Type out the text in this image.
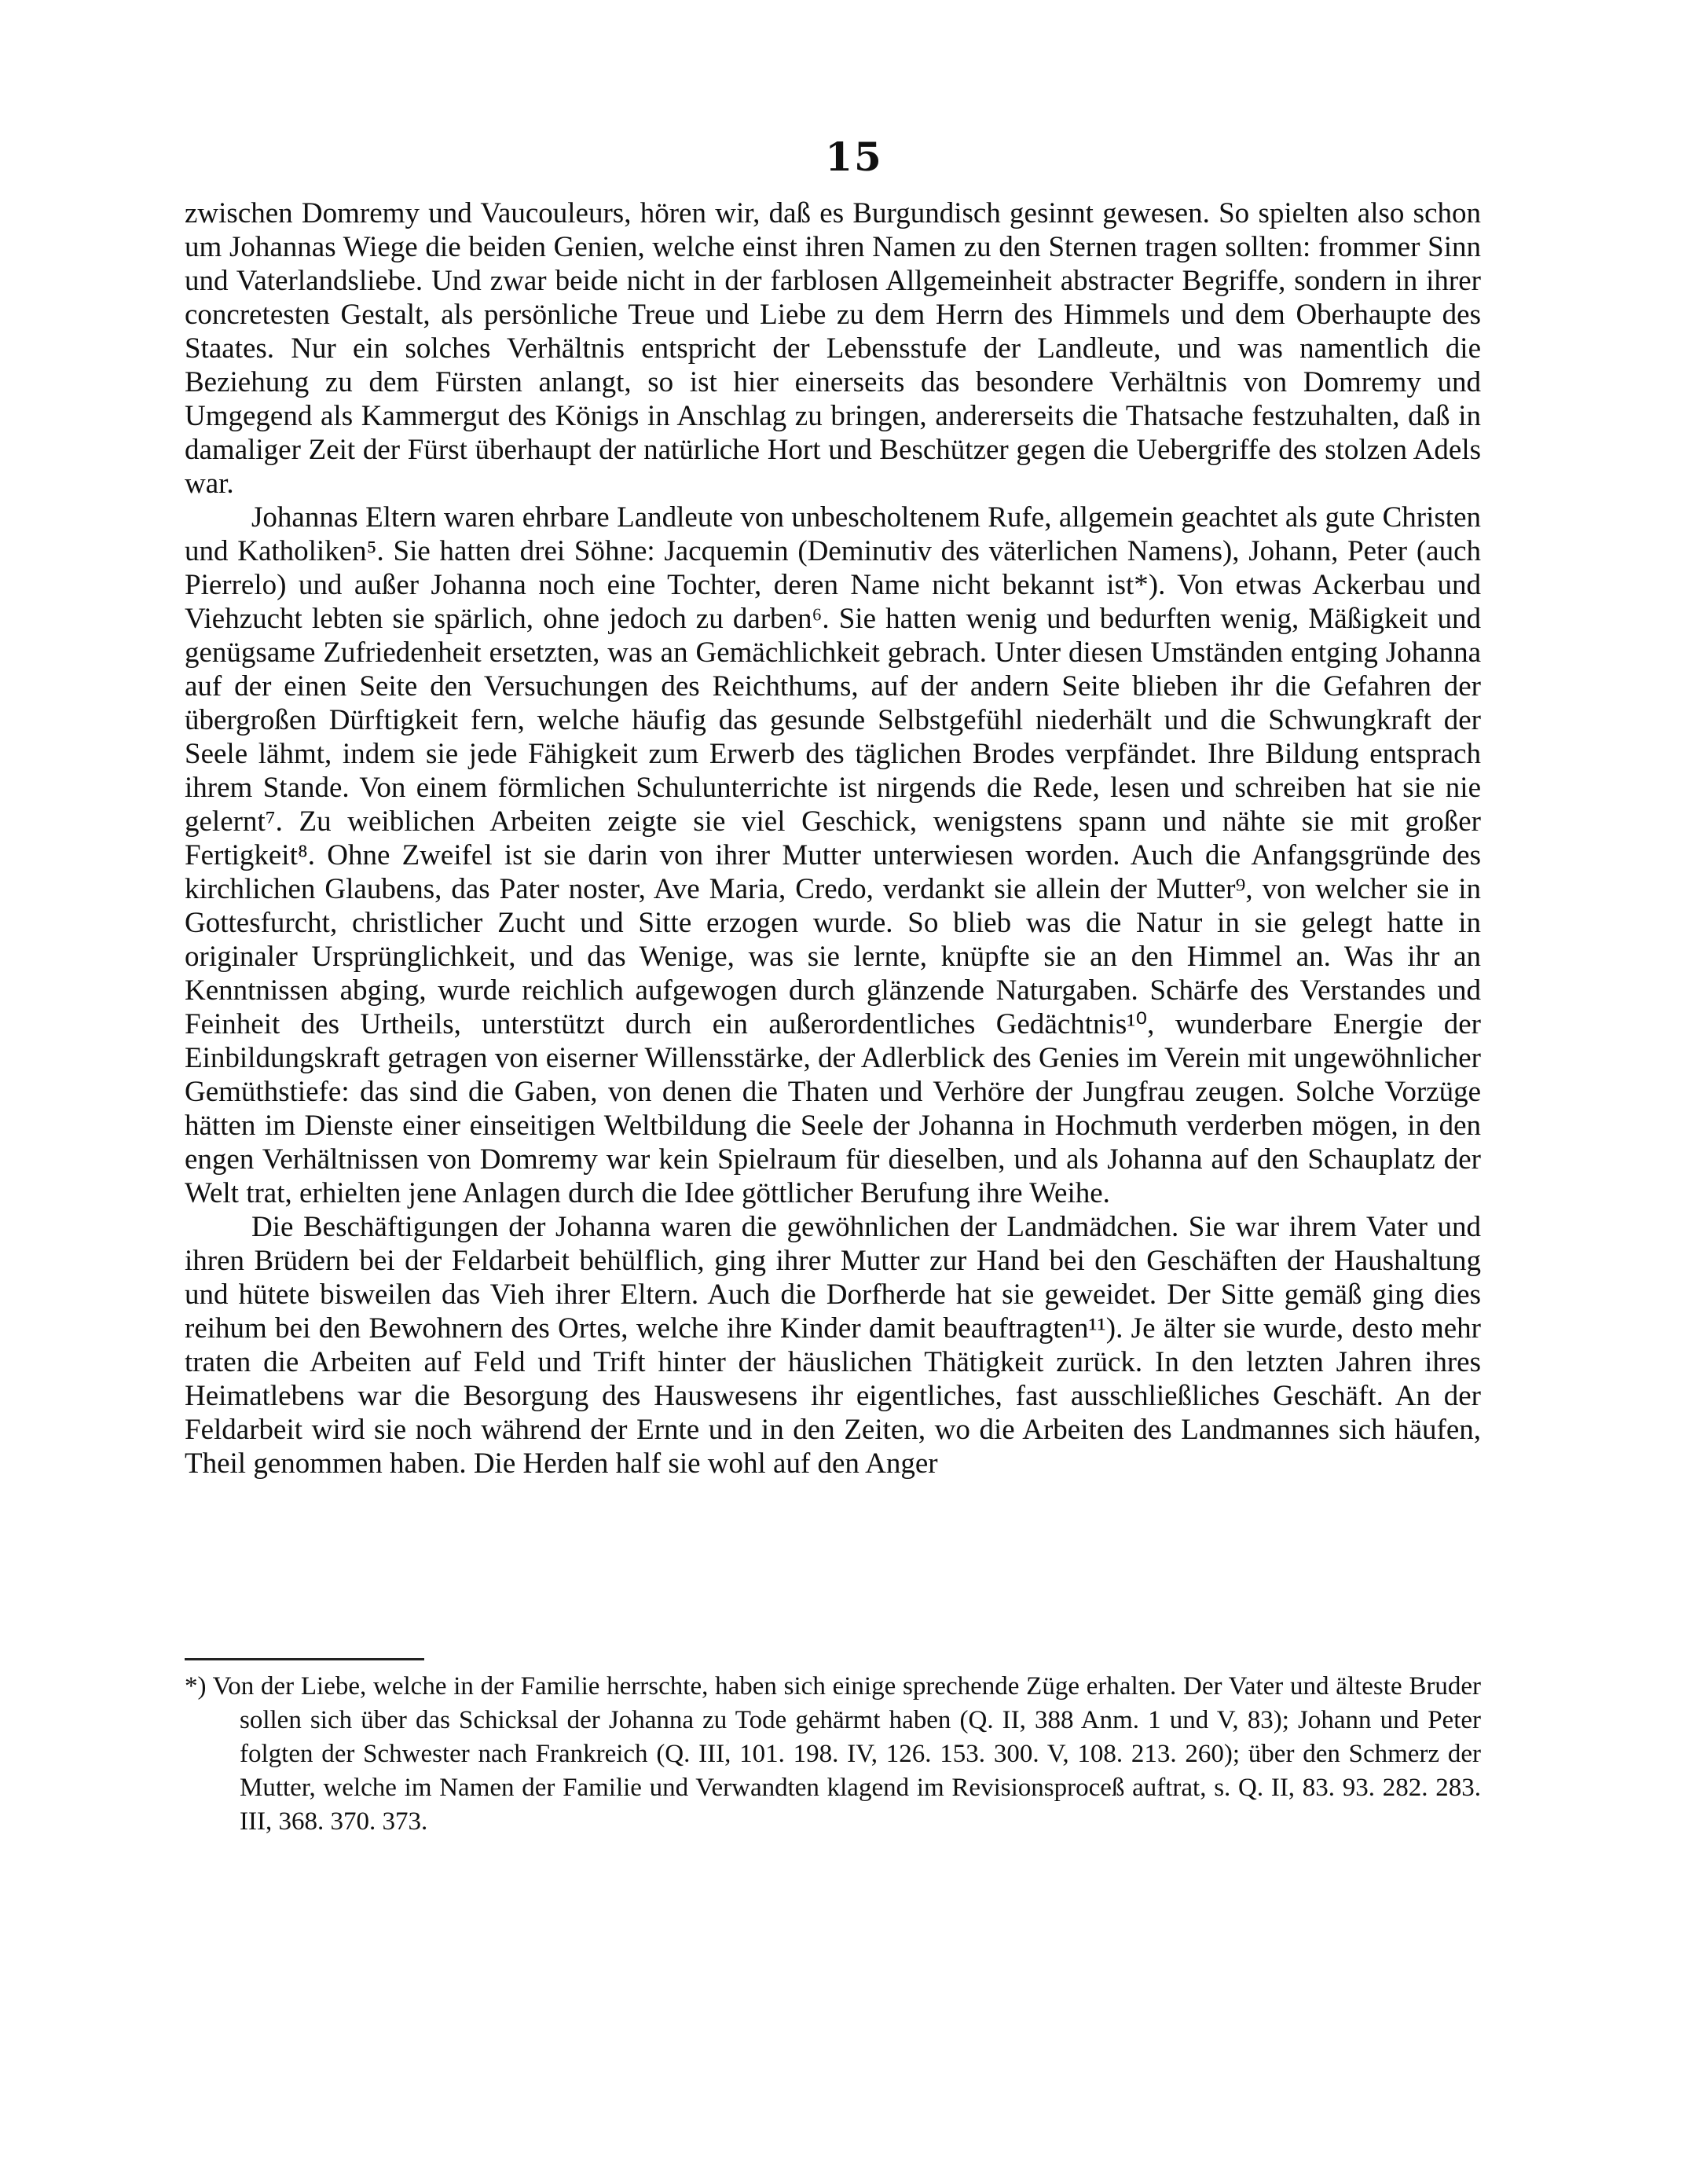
15

zwischen Domremy und Vaucouleurs, hören wir, daß es Burgundisch gesinnt gewesen. So spielten also schon um Johannas Wiege die beiden Genien, welche einst ihren Namen zu den Sternen tragen sollten: frommer Sinn und Vaterlandsliebe. Und zwar beide nicht in der farblosen Allgemeinheit abstracter Begriffe, sondern in ihrer concretesten Gestalt, als persönliche Treue und Liebe zu dem Herrn des Himmels und dem Oberhaupte des Staates. Nur ein solches Verhältnis entspricht der Lebensstufe der Landleute, und was namentlich die Beziehung zu dem Fürsten anlangt, so ist hier einerseits das besondere Verhältnis von Domremy und Umgegend als Kammergut des Königs in Anschlag zu bringen, andererseits die Thatsache festzuhalten, daß in damaliger Zeit der Fürst überhaupt der natürliche Hort und Beschützer gegen die Uebergriffe des stolzen Adels war.

Johannas Eltern waren ehrbare Landleute von unbescholtenem Rufe, allgemein geachtet als gute Christen und Katholiken⁵. Sie hatten drei Söhne: Jacquemin (Deminutiv des väterlichen Namens), Johann, Peter (auch Pierrelo) und außer Johanna noch eine Tochter, deren Name nicht bekannt ist*). Von etwas Ackerbau und Viehzucht lebten sie spärlich, ohne jedoch zu darben⁶. Sie hatten wenig und bedurften wenig, Mäßigkeit und genügsame Zufriedenheit ersetzten, was an Gemächlichkeit gebrach. Unter diesen Umständen entging Johanna auf der einen Seite den Versuchungen des Reichthums, auf der andern Seite blieben ihr die Gefahren der übergroßen Dürftigkeit fern, welche häufig das gesunde Selbstgefühl niederhält und die Schwungkraft der Seele lähmt, indem sie jede Fähigkeit zum Erwerb des täglichen Brodes verpfändet. Ihre Bildung entsprach ihrem Stande. Von einem förmlichen Schulunterrichte ist nirgends die Rede, lesen und schreiben hat sie nie gelernt⁷. Zu weiblichen Arbeiten zeigte sie viel Geschick, wenigstens spann und nähte sie mit großer Fertigkeit⁸. Ohne Zweifel ist sie darin von ihrer Mutter unterwiesen worden. Auch die Anfangsgründe des kirchlichen Glaubens, das Pater noster, Ave Maria, Credo, verdankt sie allein der Mutter⁹, von welcher sie in Gottesfurcht, christlicher Zucht und Sitte erzogen wurde. So blieb was die Natur in sie gelegt hatte in originaler Ursprünglichkeit, und das Wenige, was sie lernte, knüpfte sie an den Himmel an. Was ihr an Kenntnissen abging, wurde reichlich aufgewogen durch glänzende Naturgaben. Schärfe des Verstandes und Feinheit des Urtheils, unterstützt durch ein außerordentliches Gedächtnis¹⁰, wunderbare Energie der Einbildungskraft getragen von eiserner Willensstärke, der Adlerblick des Genies im Verein mit ungewöhnlicher Gemüthstiefe: das sind die Gaben, von denen die Thaten und Verhöre der Jungfrau zeugen. Solche Vorzüge hätten im Dienste einer einseitigen Weltbildung die Seele der Johanna in Hochmuth verderben mögen, in den engen Verhältnissen von Domremy war kein Spielraum für dieselben, und als Johanna auf den Schauplatz der Welt trat, erhielten jene Anlagen durch die Idee göttlicher Berufung ihre Weihe.

Die Beschäftigungen der Johanna waren die gewöhnlichen der Landmädchen. Sie war ihrem Vater und ihren Brüdern bei der Feldarbeit behülflich, ging ihrer Mutter zur Hand bei den Geschäften der Haushaltung und hütete bisweilen das Vieh ihrer Eltern. Auch die Dorfherde hat sie geweidet. Der Sitte gemäß ging dies reihum bei den Bewohnern des Ortes, welche ihre Kinder damit beauftragten¹¹). Je älter sie wurde, desto mehr traten die Arbeiten auf Feld und Trift hinter der häuslichen Thätigkeit zurück. In den letzten Jahren ihres Heimatlebens war die Besorgung des Hauswesens ihr eigentliches, fast ausschließliches Geschäft. An der Feldarbeit wird sie noch während der Ernte und in den Zeiten, wo die Arbeiten des Landmannes sich häufen, Theil genommen haben. Die Herden half sie wohl auf den Anger

*) Von der Liebe, welche in der Familie herrschte, haben sich einige sprechende Züge erhalten. Der Vater und älteste Bruder sollen sich über das Schicksal der Johanna zu Tode gehärmt haben (Q. II, 388 Anm. 1 und V, 83); Johann und Peter folgten der Schwester nach Frankreich (Q. III, 101. 198. IV, 126. 153. 300. V, 108. 213. 260); über den Schmerz der Mutter, welche im Namen der Familie und Verwandten klagend im Revisionsproceß auftrat, s. Q. II, 83. 93. 282. 283. III, 368. 370. 373.
